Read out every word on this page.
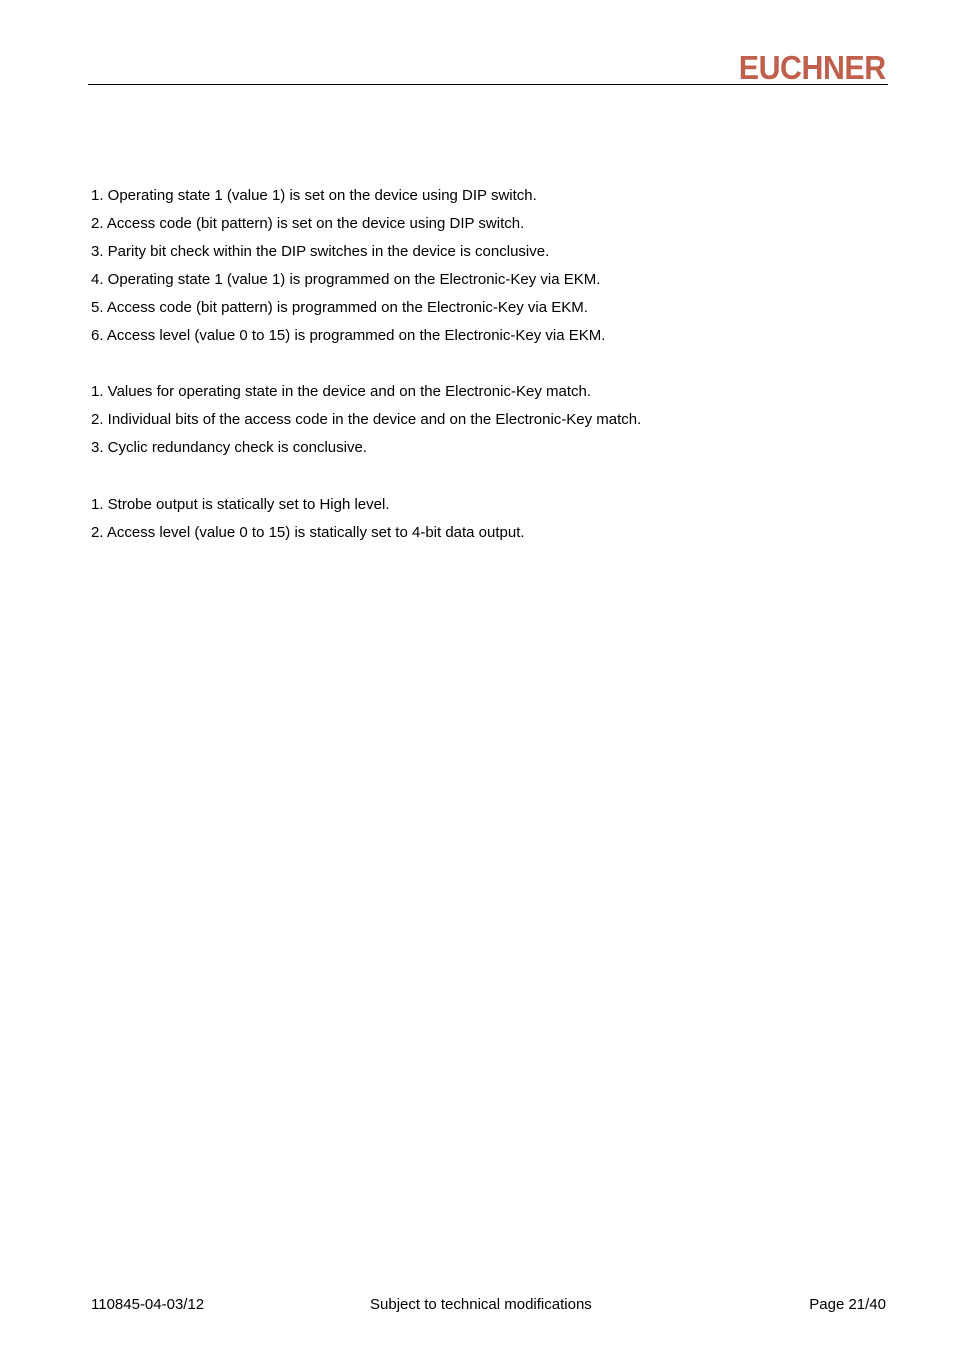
EUCHNER
1. Operating state 1 (value 1) is set on the device using DIP switch.
2. Access code (bit pattern) is set on the device using DIP switch.
3. Parity bit check within the DIP switches in the device is conclusive.
4. Operating state 1 (value 1) is programmed on the Electronic-Key via EKM.
5. Access code (bit pattern) is programmed on the Electronic-Key via EKM.
6. Access level (value 0 to 15) is programmed on the Electronic-Key via EKM.
1. Values for operating state in the device and on the Electronic-Key match.
2. Individual bits of the access code in the device and on the Electronic-Key match.
3. Cyclic redundancy check is conclusive.
1. Strobe output is statically set to High level.
2. Access level (value 0 to 15) is statically set to 4-bit data output.
110845-04-03/12	Subject to technical modifications	Page 21/40
